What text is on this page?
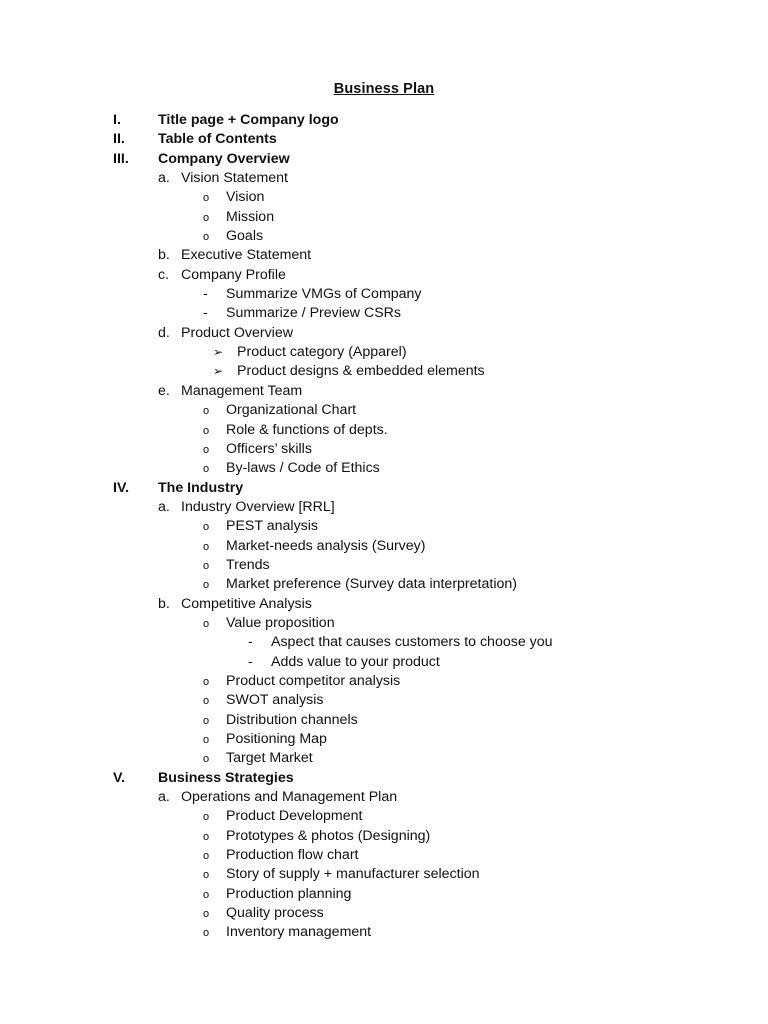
Business Plan
I.	Title page + Company logo
II. Table of Contents
III. Company Overview
a. Vision Statement
o Vision
o Mission
o Goals
b. Executive Statement
c. Company Profile
- Summarize VMGs of Company
- Summarize / Preview CSRs
d. Product Overview
➢ Product category (Apparel)
➢ Product designs & embedded elements
e. Management Team
o Organizational Chart
o Role & functions of depts.
o Officers’ skills
o By-laws / Code of Ethics
IV. The Industry
a. Industry Overview [RRL]
o PEST analysis
o Market-needs analysis (Survey)
o Trends
o Market preference (Survey data interpretation)
b. Competitive Analysis
o Value proposition
- Aspect that causes customers to choose you
- Adds value to your product
o Product competitor analysis
o SWOT analysis
o Distribution channels
o Positioning Map
o Target Market
V. Business Strategies
a. Operations and Management Plan
o Product Development
o Prototypes & photos (Designing)
o Production flow chart
o Story of supply + manufacturer selection
o Production planning
o Quality process
o Inventory management
